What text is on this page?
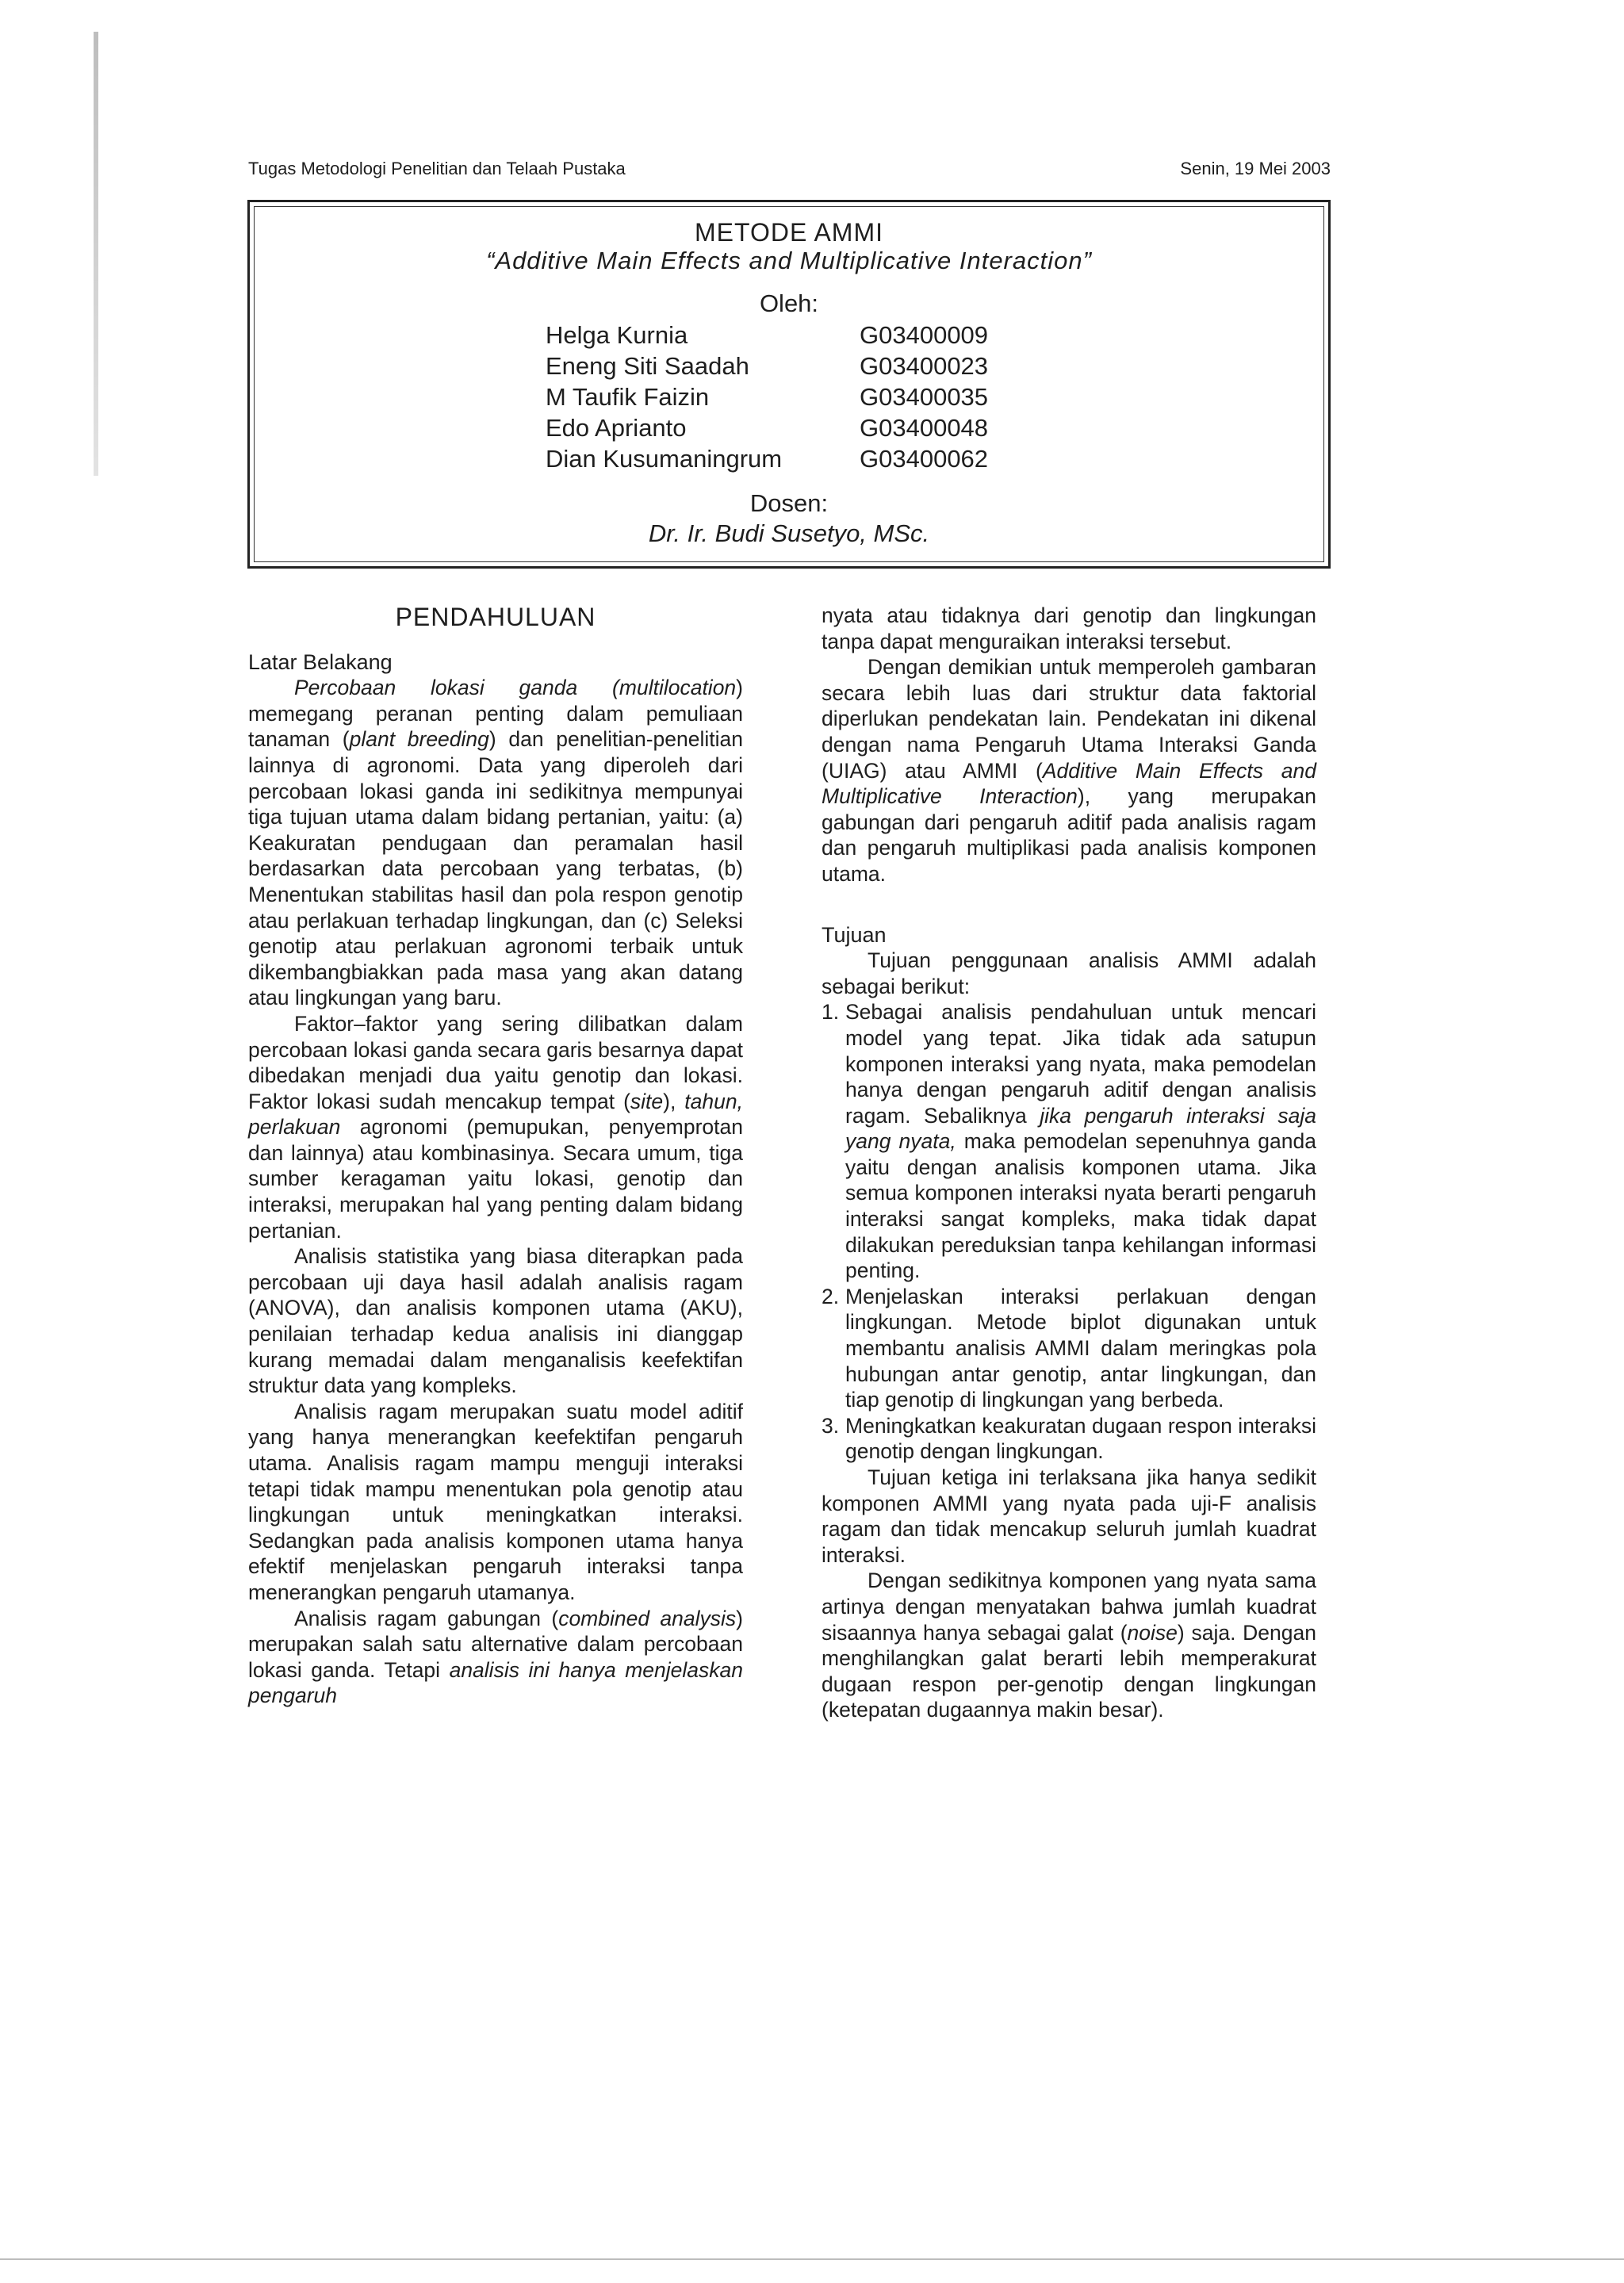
Tugas Metodologi Penelitian dan Telaah Pustaka	Senin, 19 Mei 2003
METODE AMMI
“Additive Main Effects and Multiplicative Interaction”
Oleh:
Helga Kurnia	G03400009
Eneng Siti Saadah	G03400023
M Taufik Faizin	G03400035
Edo Aprianto	G03400048
Dian Kusumaningrum	G03400062
Dosen:
Dr. Ir. Budi Susetyo, MSc.
PENDAHULUAN
Latar Belakang

Percobaan lokasi ganda (multilocation) memegang peranan penting dalam pemuliaan tanaman (plant breeding) dan penelitian-penelitian lainnya di agronomi. Data yang diperoleh dari percobaan lokasi ganda ini sedikitnya mempunyai tiga tujuan utama dalam bidang pertanian, yaitu: (a) Keakuratan pendugaan dan peramalan hasil berdasarkan data percobaan yang terbatas, (b) Menentukan stabilitas hasil dan pola respon genotip atau perlakuan terhadap lingkungan, dan (c) Seleksi genotip atau perlakuan agronomi terbaik untuk dikembangbiakkan pada masa yang akan datang atau lingkungan yang baru.

Faktor–faktor yang sering dilibatkan dalam percobaan lokasi ganda secara garis besarnya dapat dibedakan menjadi dua yaitu genotip dan lokasi. Faktor lokasi sudah mencakup tempat (site), tahun, perlakuan agronomi (pemupukan, penyemprotan dan lainnya) atau kombinasinya. Secara umum, tiga sumber keragaman yaitu lokasi, genotip dan interaksi, merupakan hal yang penting dalam bidang pertanian.

Analisis statistika yang biasa diterapkan pada percobaan uji daya hasil adalah analisis ragam (ANOVA), dan analisis komponen utama (AKU), penilaian terhadap kedua analisis ini dianggap kurang memadai dalam menganalisis keefektifan struktur data yang kompleks.

Analisis ragam merupakan suatu model aditif yang hanya menerangkan keefektifan pengaruh utama. Analisis ragam mampu menguji interaksi tetapi tidak mampu menentukan pola genotip atau lingkungan untuk meningkatkan interaksi. Sedangkan pada analisis komponen utama hanya efektif menjelaskan pengaruh interaksi tanpa menerangkan pengaruh utamanya.

Analisis ragam gabungan (combined analysis) merupakan salah satu alternative dalam percobaan lokasi ganda. Tetapi analisis ini hanya menjelaskan pengaruh

nyata atau tidaknya dari genotip dan lingkungan tanpa dapat menguraikan interaksi tersebut.

Dengan demikian untuk memperoleh gambaran secara lebih luas dari struktur data faktorial diperlukan pendekatan lain. Pendekatan ini dikenal dengan nama Pengaruh Utama Interaksi Ganda (UIAG) atau AMMI (Additive Main Effects and Multiplicative Interaction), yang merupakan gabungan dari pengaruh aditif pada analisis ragam dan pengaruh multiplikasi pada analisis komponen utama.

Tujuan

Tujuan penggunaan analisis AMMI adalah sebagai berikut:

1. Sebagai analisis pendahuluan untuk mencari model yang tepat. Jika tidak ada satupun komponen interaksi yang nyata, maka pemodelan hanya dengan pengaruh aditif dengan analisis ragam. Sebaliknya jika pengaruh interaksi saja yang nyata, maka pemodelan sepenuhnya ganda yaitu dengan analisis komponen utama. Jika semua komponen interaksi nyata berarti pengaruh interaksi sangat kompleks, maka tidak dapat dilakukan pereduksian tanpa kehilangan informasi penting.
2. Menjelaskan interaksi perlakuan dengan lingkungan. Metode biplot digunakan untuk membantu analisis AMMI dalam meringkas pola hubungan antar genotip, antar lingkungan, dan tiap genotip di lingkungan yang berbeda.
3. Meningkatkan keakuratan dugaan respon interaksi genotip dengan lingkungan.

Tujuan ketiga ini terlaksana jika hanya sedikit komponen AMMI yang nyata pada uji-F analisis ragam dan tidak mencakup seluruh jumlah kuadrat interaksi.

Dengan sedikitnya komponen yang nyata sama artinya dengan menyatakan bahwa jumlah kuadrat sisaannya hanya sebagai galat (noise) saja. Dengan menghilangkan galat berarti lebih memperakurat dugaan respon per-genotip dengan lingkungan (ketepatan dugaannya makin besar).
